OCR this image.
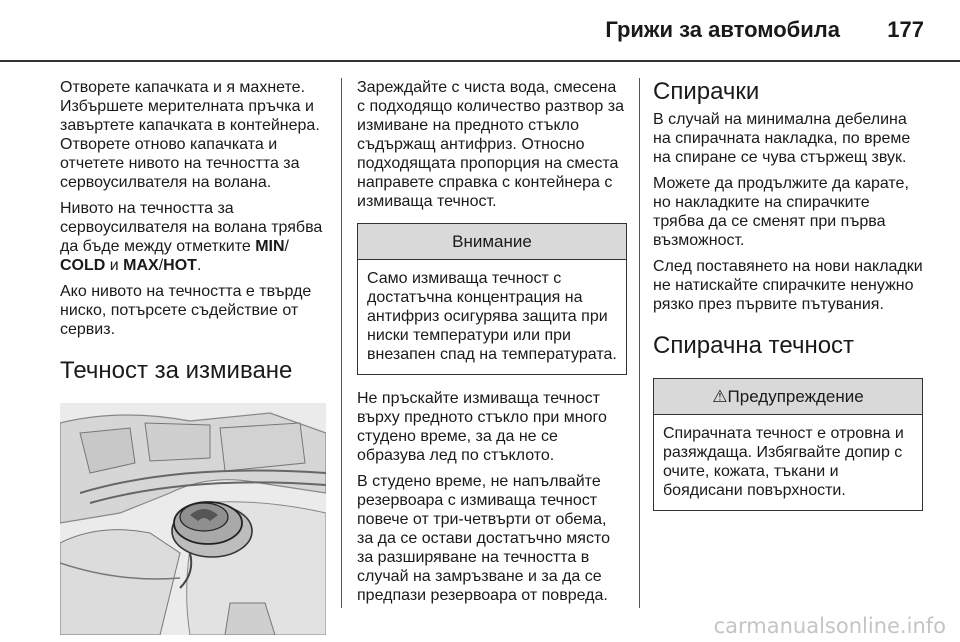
Грижи за автомобила 177

Отворете капачката и я махнете. Избършете мерителната пръчка и завъртете капачката в контейнера. Отворете отново капачката и отчетете нивото на течността за сервоусилвателя на волана.

Нивото на течността за сервоусилвателя на волана трябва да бъде между отметките MIN/
COLD и MAX/HOT.

Ако нивото на течността е твърде ниско, потърсете съдействие от сервиз.

Течност за измиване

Зареждайте с чиста вода, смесена с подходящо количество разтвор за измиване на предното стъкло съдържащ антифриз. Относно подходящата пропорция на сместа направете справка с контейнера с измиваща течност.

Внимание
Само измиваща течност с достатъчна концентрация на антифриз осигурява защита при ниски температури или при внезапен спад на температурата.

Не пръскайте измиваща течност върху предното стъкло при много студено време, за да не се образува лед по стъклото.

В студено време, не напълвайте резервоара с измиваща течност повече от три-четвърти от обема, за да се остави достатъчно място за разширяване на течността в случай на замръзване и за да се предпази резервоара от повреда.

Спирачки

В случай на минимална дебелина на спирачната накладка, по време на спиране се чува стържещ звук.

Можете да продължите да карате, но накладките на спирачките трябва да се сменят при първа възможност.

След поставянето на нови накладки не натискайте спирачките ненужно рязко през първите пътувания.

Спирачна течност
⚠Предупреждение
Спирачната течност е отровна и разяждаща. Избягвайте допир с очите, кожата, тъкани и боядисани повърхности.
carmanualsonline.info
